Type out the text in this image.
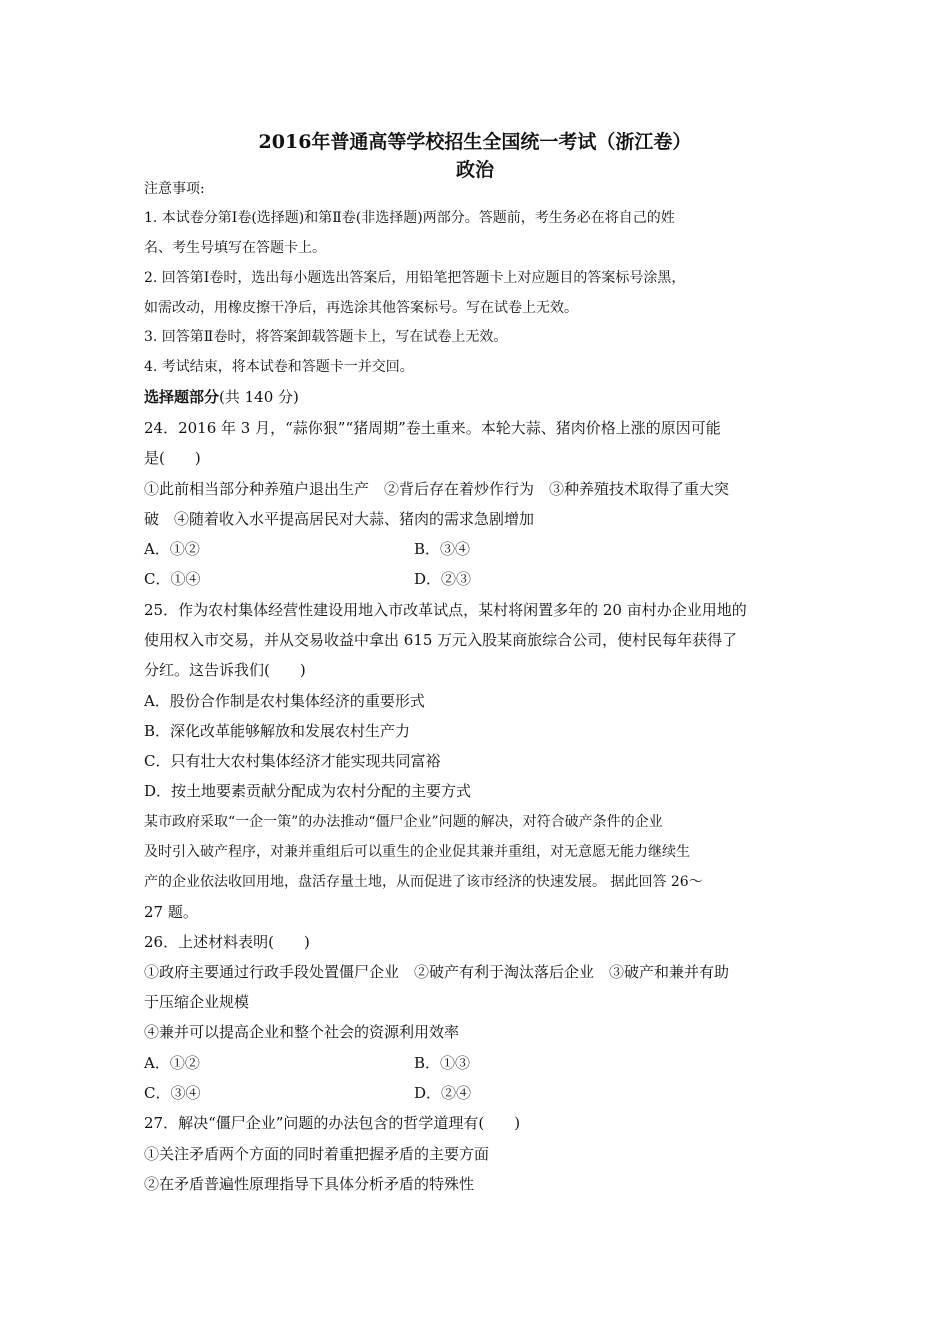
2016年普通高等学校招生全国统一考试（浙江卷）
政治
注意事项:
1. 本试卷分第Ⅰ卷(选择题)和第Ⅱ卷(非选择题)两部分。答题前，考生务必在将自己的姓
名、考生号填写在答题卡上。
2. 回答第Ⅰ卷时，选出每小题选出答案后，用铅笔把答题卡上对应题目的答案标号涂黑，
如需改动，用橡皮擦干净后，再选涂其他答案标号。写在试卷上无效。
3. 回答第Ⅱ卷时，将答案卸载答题卡上，写在试卷上无效。
4. 考试结束，将本试卷和答题卡一并交回。
选择题部分(共 140 分)
24．2016 年 3 月，“蒜你狠”“猪周期”卷土重来。本轮大蒜、猪肉价格上涨的原因可能
是(　　)
①此前相当部分种养殖户退出生产　②背后存在着炒作行为　③种养殖技术取得了重大突
破　④随着收入水平提高居民对大蒜、猪肉的需求急剧增加
A．①②	B．③④
C．①④	D．②③
25．作为农村集体经营性建设用地入市改革试点，某村将闲置多年的 20 亩村办企业用地的
使用权入市交易，并从交易收益中拿出 615 万元入股某商旅综合公司，使村民每年获得了
分红。这告诉我们(　　)
A．股份合作制是农村集体经济的重要形式
B．深化改革能够解放和发展农村生产力
C．只有壮大农村集体经济才能实现共同富裕
D．按土地要素贡献分配成为农村分配的主要方式
某市政府采取“一企一策”的办法推动“僵尸企业”问题的解决，对符合破产条件的企业
及时引入破产程序，对兼并重组后可以重生的企业促其兼并重组，对无意愿无能力继续生
产的企业依法收回用地，盘活存量土地，从而促进了该市经济的快速发展。 据此回答 26～
27 题。
26．上述材料表明(　　)
①政府主要通过行政手段处置僵尸企业　②破产有利于淘汰落后企业　③破产和兼并有助
于压缩企业规模
④兼并可以提高企业和整个社会的资源利用效率
A．①②	B．①③
C．③④	D．②④
27．解决“僵尸企业”问题的办法包含的哲学道理有(　　)
①关注矛盾两个方面的同时着重把握矛盾的主要方面
②在矛盾普遍性原理指导下具体分析矛盾的特殊性
